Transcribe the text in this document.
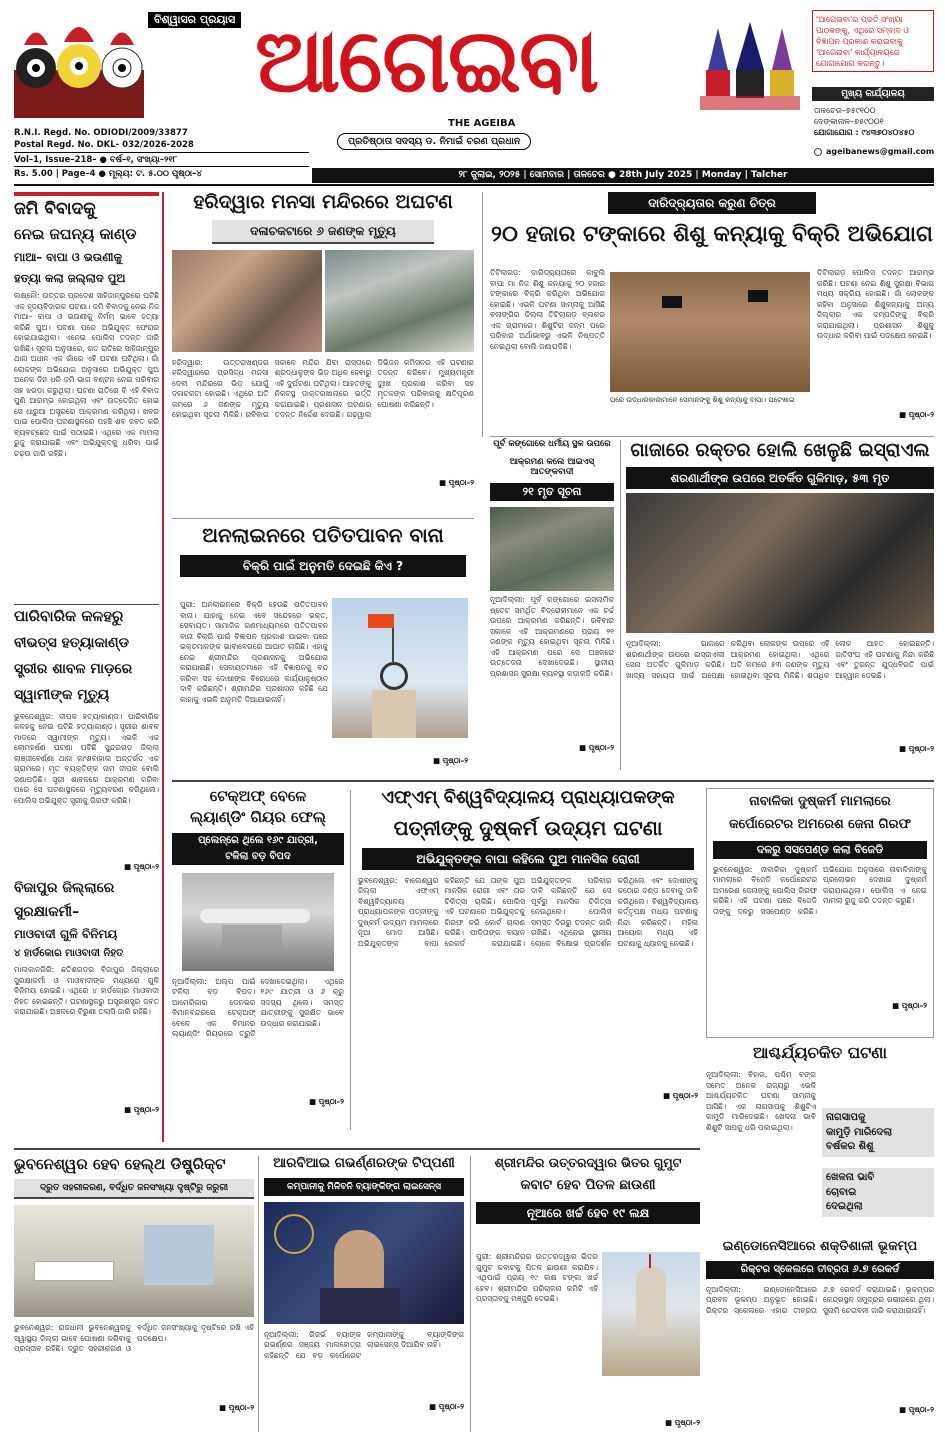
ବିଶ୍ୱାସର ପ୍ରୟାସ ଆଗେଇବା
THE AGEIBA
ପ୍ରତିଷ୍ଠାତା ସଦସ୍ୟ ଡ. ନିମାଇଁ ଚରଣ ପ୍ରଧାନ
R.N.I. Regd. No. ODIODI/2009/33877
Postal Regd. No. DKL- 032/2026-2028
Vol–1, Issue–218– ● ବର୍ଷ–୧, ସଂଖ୍ୟା–୨୧୮
Rs. 5.00 | Page–4 ● ମୂଲ୍ୟ: ଟ. ୫.୦୦ ପୃଷ୍ଠା–୪
'ଆଗେଇବା'ର ପ୍ରତି ସଂଖ୍ୟା ପାଠକଙ୍କୁ, ଏଥିରେ ସମ୍ବାଦ ଓ ବିଜ୍ଞାପନ ପ୍ରକାଶ କରାଇବାକୁ 'ଆଗେଇବା' କାର୍ଯ୍ୟାଳୟରେ ଯୋଗାଯୋଗ କରନ୍ତୁ।
ମୁଖ୍ୟ କାର୍ଯ୍ୟାଳୟ
ତାଳଚେର–୭୫୯୧୦୦
ଦେଙ୍କାନାଳ–୭୫୯୦୦୧
ଯୋଗାଯୋଗ : ୯୪୩୭୦୪୦୪୫୦
ageibanews@gmail.com
୨୮ ଜୁଲାଇ, ୨୦୨୫ | ସୋମବାର | ତାଳଚେର ● 28th July 2025 | Monday | Talcher
ଜମି ବିବାଦକୁ
ନେଇ ଜଘନ୍ୟ କାଣ୍ଡ
ମାଆ– ବାପା ଓ ଭଉଣୀକୁ
ହତ୍ୟା କଲା ଜଲ୍ଲାଦ ପୁଅ
ଲକ୍ଷ୍ନୌ: ଉତ୍ତର ପ୍ରଦେଶ ସାହିଜାନ୍‌ପୁରରେ ଘଟିଛି ଏକ ହୃଦୟବିଦାରକ ଘଟଣା। ଜମି ବିବାଦକୁ ନେଇ ନିଜ ମାଆ– ବାପା ଓ ଭଉଣୀକୁ ନିର୍ମମ ଭାବେ ହତ୍ୟା କରିଛି ପୁଅ। ଘଟଣା ପରେ ଅଭିଯୁକ୍ତ ଫେରାର ହୋଇଯାଇଥିଲା। ଏନେଇ ପୋଲିସ ତଦନ୍ତ ଜାରି ରଖିଛି। ସୂଚନା ଅନୁସାରେ, ଗତ ରାତିରେ ସାହିଜାନ୍‌ପୁର ଥାନା ଅଧୀନ ଏକ ଗାଁରେ ଏହି ଘଟଣା ଘଟିଥିଲା। ଗାଁ ଲୋକଙ୍କ ଅଭିଯୋଗ ଅନୁସାରେ ଅଭିଯୁକ୍ତ ପୁଅ ଅନେକ ଦିନ ଧରି ଜମି ଭାଗ ବଣ୍ଟନ ନେଇ ପରିବାର ସହ ଝଗଡା କରୁଥିଲା। ଘଟଣା ରାତିରେ ବି ଏହି ବିବାଦ ପୁଣି ଆରମ୍ଭ ହୋଇଥିଲା ଏବଂ ଉତ୍ତେଜିତ ହୋଇ ସେ ଧାରୁଆ ଅସ୍ତ୍ରରେ ଆକ୍ରମଣ କରିଥିଲା। ଖବର ପାଇ ପୋଲିସ ଘଟଣାସ୍ଥଳରେ ପହଞ୍ଚି ଶବ ଜବତ କରି ବ୍ୟବଚ୍ଛେଦ ପାଇଁ ପଠାଇଛି। ଏଥିରେ ଏକ ମାମଲା ରୁଜୁ କରାଯାଇଛି ଏବଂ ଅଭିଯୁକ୍ତକୁ ଧରିବା ପାଇଁ ଚଢ଼ଉ ଜାରି ରହିଛି।
ପାରିବାରିକ କଳହରୁ
ବୀଭତ୍ସ ହତ୍ୟାକାଣ୍ଡ
ସ୍ତ୍ରୀର ଶାବଳ ମାଡ଼ରେ
ସ୍ୱାମୀଙ୍କ ମୃତ୍ୟୁ
ଭୁବନେଶ୍ୱର: ଦୀପକ ହତ୍ୟାକାଣ୍ଡ। ପାରିବାରିକ କଳହକୁ ନେଇ ଘଟିଛି ହତ୍ୟାକାଣ୍ଡ। ସ୍ତ୍ରୀର ଶାବଳ ମାଡରେ ସ୍ୱାମୀଙ୍କ ମୃତ୍ୟୁ। ଏଭଳି ଏକ ଲୋମହର୍ଷଣ ଘଟଣା ଘଟିଛି ସୁନ୍ଦରଗଡ଼ ଜିଲ୍ଲା ଲାଞ୍ଜୀବେର୍ଣ୍ଣା ଥାନା କାଂଶବାହାଲ ଅନ୍ତର୍ଗତ ଏକ ଗ୍ରାମରେ। ମୃତ ବ୍ୟକ୍ତିଙ୍କ ନାମ ଦୀପକ ବୋଲି ଜଣାପଡ଼ିଛି। ସ୍ତ୍ରୀ ଶାବଳରେ ଆକ୍ରମଣ କରିବା ପରେ ସେ ଘଟଣାସ୍ଥଳରେ ମୃତ୍ୟୁବରଣ କରିଥିଲେ। ପୋଲିସ ଅଭିଯୁକ୍ତ ସ୍ତ୍ରୀକୁ ଗିରଫ କରିଛି।
■ ପୃଷ୍ଠା–୨
ହରିଦ୍ୱାର ମନସା ମନ୍ଦିରରେ ଅଘଟଣ
ଦଳାଚକଟାରେ ୬ ଜଣଙ୍କ ମୃତ୍ୟୁ
ହରିଦ୍ୱାର: ଉତ୍ତରାଖଣ୍ଡର ହରିଦ୍ୱାରରେ ପ୍ରସିଦ୍ଧ ମନସା ଦେବୀ ମନ୍ଦିରରେ ଭିଡ଼ ଯୋଗୁଁ ଦଳାଚକଟା ହୋଇଛି। ଏଥିରେ ଅତି କମରେ ୬ ଜଣଙ୍କ ମୃତ୍ୟୁ ହୋଇଥିବା ସୂଚନା ମିଳିଛି। ରବିବାର ସକାଳେ ମନ୍ଦିର ଯିବା ରାସ୍ତାରେ ଶ୍ରଦ୍ଧାଳୁଙ୍କ ଭିଡ଼ ଅଧିକ ହେବାରୁ ଏହି ଦୁର୍ଘଟଣା ଘଟିଥିଲା। ଆହତଙ୍କୁ ନିକଟସ୍ଥ ଡାକ୍ତରଖାନାରେ ଭର୍ତ୍ତି କରାଯାଇଛି। ପ୍ରଶାସନ ଘଟଣାର ତଦନ୍ତ ନିର୍ଦ୍ଦେଶ ଦେଇଛି। ଗଢ଼ୱାଲ ଡିଭିଜନ କମିସନର ଏହି ଘଟଣାର ତଦନ୍ତ କରିବେ। ମୁଖ୍ୟମନ୍ତ୍ରୀ ଦୁଃଖ ପ୍ରକାଶ କରିବା ସହ ମୃତକଙ୍କ ପରିବାରକୁ କ୍ଷତିପୂରଣ ଘୋଷଣା କରିଛନ୍ତି।
■ ପୃଷ୍ଠା–୨
ଦାରିଦ୍ର୍ୟତାର କରୁଣ ଚିତ୍ର
୨୦ ହଜାର ଟଙ୍କାରେ ଶିଶୁ କନ୍ୟାକୁ ବିକ୍ରି ଅଭିଯୋଗ
ତିଟିଲାଗଡ଼: ଦାରିଦ୍ର୍ୟତାରେ କାବୁଲି ବାପା ମା ନିଜ ଶିଶୁ କନ୍ୟାକୁ ୨୦ ହଜାର ଟଙ୍କାରେ ବିକ୍ରି କରିଥିବା ଅଭିଯୋଗ ହୋଇଛି। ଏଭଳି ଘଟଣା ସାମ୍ନାକୁ ଆସିଛି ବଲାଙ୍ଗିର ଜିଲ୍ଲା ତିଟିଲାଗଡ଼ ବ୍ଲକର ଏକ ଗ୍ରାମରେ। ଶିଶୁଟିର ଜନ୍ମ ପରେ ପରିବାର ଅର୍ଥାଭାବରୁ ଏଭଳି ନିଷ୍ପତ୍ତି ନେଇଥିଲା ବୋଲି ଜଣାପଡ଼ିଛି।
ପରେ ଉଦ୍ଧାରକାରୀମାନେ ସେମାନଙ୍କୁ ଶିଶୁ କନ୍ୟାକୁ ବାପା। ପଟେଖାଇ
ତିଟିଲାଗଡ଼ ପୋଲିସ ତଦନ୍ତ ଆରମ୍ଭ କରିଛି। ଘଟଣା ନେଇ ଶିଶୁ ସୁରକ୍ଷା ବିଭାଗ ମଧ୍ୟ ସକ୍ରିୟ ହୋଇଛି। ଗାଁ ଲୋକଙ୍କ କହିବା ଅନୁସାରେ ଶିଶୁକନ୍ୟାକୁ ଅନ୍ୟ ଜିଲ୍ଲାର ଏକ ଦମ୍ପତିଙ୍କୁ ବିକ୍ରି କରାଯାଇଥିଲା। ପ୍ରଶାସନ ଶିଶୁକୁ ଉଦ୍ଧାର କରିବା ପାଇଁ ପଦକ୍ଷେପ ନେଇଛି।
■ ପୃଷ୍ଠା–୨
ଅନଲାଇନରେ ପତିତପାବନ ବାନା
ବିକ୍ରି ପାଇଁ ଅନୁମତି ଦେଇଛି କିଏ ?
ପୁରୀ: ଅନଲାଇନରେ ବିକ୍ରି ହେଉଛି ପତିତପାବନ ବାନା। ଯାହାକୁ ନେଇ ଏବେ ସନ୍ଦେହରେ ଭକ୍ତ, ସେବାୟତ। ସାମାଜିକ ଗଣମାଧ୍ୟମରେ ପତିତପାବନ ବାନା ବିକ୍ରି ପାଇଁ ବିଜ୍ଞାପନ ପ୍ରକାଶ ପାଇବା ପରେ ଭକ୍ତମାନଙ୍କ ଭାବାବେଗରେ ଆଘାତ ଲାଗିଛି। ଏହାକୁ ନେଇ ଶ୍ରୀମନ୍ଦିର ପ୍ରଶାସନକୁ ଅଭିଯୋଗ କରାଯାଇଛି। ସେବାୟତମାନେ ଏହି ବିଜ୍ଞାପନକୁ ବନ୍ଦ କରିବା ସହ ଦୋଷୀଙ୍କ ବିରୋଧରେ କାର୍ଯ୍ୟାନୁଷ୍ଠାନ ଦାବି କରିଛନ୍ତି। ଶ୍ରୀମନ୍ଦିର ପ୍ରଶାସନ କହିଛି ଯେ କାହାକୁ ଏଭଳି ଅନୁମତି ଦିଆଯାଇନାହିଁ।
■ ପୃଷ୍ଠା–୨
ପୂର୍ବ କଙ୍ଗୋରେ ଧର୍ମୀୟ ସ୍ଥଳ ଉପରେ
ଆକ୍ରମଣ କଲେ ଆଇଏସ୍ ଆତଙ୍କବାଦୀ
୨୧ ମୃତ ସୂଚନା
ନୂଆଦିଲ୍ଲୀ: ପୂର୍ବ କଙ୍ଗୋରେ ଇସଲାମିକ ଷ୍ଟେଟ ସମର୍ଥିତ ବିଦ୍ରୋହୀମାନେ ଏକ ଚର୍ଚ୍ଚ ଉପରେ ଆକ୍ରମଣ କରିଛନ୍ତି। ରବିବାର ସକାଳେ ଏହି ଆକ୍ରମଣରେ ପ୍ରାୟ ୨୧ ଜଣଙ୍କ ମୃତ୍ୟୁ ହୋଇଥିବା ସୂଚନା ମିଳିଛି। ଏହି ଆକ୍ରମଣ ପରେ ସେ ଅଞ୍ଚଳରେ ଉତ୍ତେଜନା ଦେଖାଦେଇଛି। ସ୍ଥାନୀୟ ପ୍ରଶାସନ ସୁରକ୍ଷା ବ୍ୟବସ୍ଥା କଡ଼ାକଡ଼ି କରିଛି।
■ ପୃଷ୍ଠା–୨
ଗାଜାରେ ରକ୍ତର ହୋଲି ଖେଳୁଛି ଇସ୍ରାଏଲ
ଶରଣାର୍ଥୀଙ୍କ ଉପରେ ଅତର୍କିତ ଗୁଳିମାଡ଼, ୫୩ ମୃତ
ନୂଆଦିଲ୍ଲୀ: ଗାଜାରେ ଶରଣାର୍ଥୀଙ୍କ ଉପରେ ଇସ୍ରାଏଲୀ ସେନା ଅତର୍କିତ ଗୁଳିମାଡ଼ କରିଛି। ଖାଦ୍ୟ ସହାୟତା ପାଇଁ ଅପେକ୍ଷା କରିଥିବା ଲୋକଙ୍କ ଉପରେ ଏହି ଆକ୍ରମଣ ହୋଇଥିଲା। ଏଥିରେ ଅତି କମରେ ୫୩ ଜଣଙ୍କ ମୃତ୍ୟୁ ହୋଇଥିବା ସୂଚନା ମିଳିଛି। ଶତାଧିକ ଲୋକ ଆହତ ହୋଇଛନ୍ତି। ଜାତିସଂଘ ଏହି ଘଟଣାକୁ ନିନ୍ଦା କରିଛି ଏବଂ ତୁରନ୍ତ ଯୁଦ୍ଧବିରତି ପାଇଁ ଆହ୍ୱାନ ଦେଇଛି।
■ ପୃଷ୍ଠା–୨
ଟେକ୍‌ଅଫ୍ ବେଳେ
ଲ୍ୟାଣ୍ଡିଂ ଗିୟର ଫେଲ୍
ପ୍ଲେନ୍‌ରେ ଥିଲେ ୧୬୯ ଯାତ୍ରୀ,
ଟଳିଲା ବଡ଼ ବିପଦ
ନୂଆଦିଲ୍ଲୀ: ଅଲ୍ପ ପାଇଁ ଟଳିଲା ବଡ଼ ବିପଦ। ଆମେରିକାର ଡେନଭର ବିମାନବନ୍ଦରରେ ଟେକ୍‌ଅଫ୍ ବେଳେ ଏକ ବିମାନର ଲ୍ୟାଣ୍ଡିଂ ଗିୟରରେ ତ୍ରୁଟି ଦେଖାଦେଇଥିଲା। ଏଥିରେ ୧୬୯ ଯାତ୍ରୀ ଓ ୬ କ୍ରୁ ସଦସ୍ୟ ଥିଲେ। ସମସ୍ତ ଯାତ୍ରୀଙ୍କୁ ସୁରକ୍ଷିତ ଭାବେ ଉଦ୍ଧାର କରାଯାଇଛି।
■ ପୃଷ୍ଠା–୨
ବିଜାପୁର ଜିଲ୍ଲାରେ
ସୁରକ୍ଷାକର୍ମୀ–
ମାଓବାଦୀ ଗୁଳି ବିନିମୟ
୪ ହାର୍ଡକୋର ମାଓବାଦୀ ନିହତ
ମାଲକାନଗିରି: ଛତିଶଗଡ଼ର ବିଜାପୁର ଜିଲ୍ଲାରେ ସୁରକ୍ଷାକର୍ମୀ ଓ ମାଓବାଦୀଙ୍କ ମଧ୍ୟରେ ଗୁଳି ବିନିମୟ ହୋଇଛି। ଏଥିରେ ୪ ହାର୍ଡକୋର ମାଓବାଦୀ ନିହତ ହୋଇଛନ୍ତି। ଘଟଣାସ୍ଥଳରୁ ଅସ୍ତ୍ରଶସ୍ତ୍ର ଜବତ କରାଯାଇଛି। ଅଞ୍ଚଳରେ ଚିରୁଣୀ ତଲାସି ଜାରି ରହିଛି।
■ ପୃଷ୍ଠା–୨
ଏଫ୍‌ଏମ୍ ବିଶ୍ୱବିଦ୍ୟାଳୟ ପ୍ରାଧ୍ୟାପକଙ୍କ
ପତ୍ନୀଙ୍କୁ ଦୁଷ୍କର୍ମ ଉଦ୍ୟମ ଘଟଣା
ଅଭିଯୁକ୍ତଙ୍କ ବାପା କହିଲେ ପୁଅ ମାନସିକ ରୋଗୀ
ଭୁବନେଶ୍ୱର: ବାଲେଶ୍ୱର ଜିଲ୍ଲା ଏଫ୍‌ଏମ୍ ବିଶ୍ୱବିଦ୍ୟାଳୟ ପ୍ରାଧ୍ୟାପକଙ୍କ ପତ୍ନୀଙ୍କୁ ଦୁଷ୍କର୍ମ ଉଦ୍ୟମ ମାମଲାରେ ନୂଆ ମୋଡ଼ ଆସିଛି। ଅଭିଯୁକ୍ତଙ୍କ ବାପା କହିଛନ୍ତି ଯେ ତାଙ୍କ ପୁଅ ମାନସିକ ରୋଗୀ ଏବଂ ତାର ଚିକିତ୍ସା ଚାଲିଛି। ପୋଲିସ ଏହି ଘଟଣାରେ ଅଭିଯୁକ୍ତକୁ ଗିରଫ କରି କୋର୍ଟ ଚାଲାଣ କରିଛି। ପୀଡ଼ିତାଙ୍କ ବୟାନ ରେକର୍ଡ କରାଯାଇଛି। ଅଭିଯୁକ୍ତଙ୍କ ପରିବାର ଦାବି କରିଛନ୍ତି ଯେ ସେ ପୂର୍ବରୁ ମାନସିକ ଚିକିତ୍ସା ନେଉଥିଲେ। ପୋଲିସ ସମସ୍ତ ଦିଗରୁ ତଦନ୍ତ ଜାରି ରଖିଛି। ଏଥିନେଇ ସ୍ଥାନୀୟ ଲୋକେ ବିକ୍ଷୋଭ ପ୍ରଦର୍ଶନ କରିଥିଲେ ଏବଂ ଦୋଷୀଙ୍କୁ କଠୋର ଦଣ୍ଡ ଦେବାକୁ ଦାବି କରିଥିଲେ। ବିଶ୍ୱବିଦ୍ୟାଳୟ କର୍ତ୍ତୃପକ୍ଷ ମଧ୍ୟ ଘଟଣାକୁ ନିନ୍ଦା କରିଛନ୍ତି। ମହିଳା ଆୟୋଗ ମଧ୍ୟ ଏହି ଘଟଣାକୁ ଧ୍ୟାନକୁ ନେଇଛି।
■ ପୃଷ୍ଠା–୨
ନାବାଳିକା ଦୁଷ୍କର୍ମ ମାମଲାରେ
କର୍ପୋରେଟର ଅମରେଶ ଜେନା ଗିରଫ
ଦଳରୁ ସସପେଣ୍ଡ କଲା ବିଜେଡି
ଭୁବନେଶ୍ୱର: ନାବାଳିକା ଦୁଷ୍କର୍ମ ମାମଲାରେ ବିଜେଡି କର୍ପୋରେଟର ଅମରେଶ ଜେନାଙ୍କୁ ପୋଲିସ ଗିରଫ କରିଛି। ଏହି ଘଟଣା ପରେ ବିଜେଡି ତାଙ୍କୁ ଦଳରୁ ସସପେଣ୍ଡ କରିଛି। ଅଭିଯୋଗ ଅନୁସାରେ ନାବାଳିକାଙ୍କୁ ପ୍ରଲୋଭନ ଦେଖାଇ ଦୁଷ୍କର୍ମ କରାଯାଇଥିଲା। ପୋଲିସ ଏ ନେଇ ମାମଲା ରୁଜୁ କରି ତଦନ୍ତ କରୁଛି।
■ ପୃଷ୍ଠା–୨
ଆଶ୍ଚର୍ଯ୍ୟଚକିତ ଘଟଣା
ନୂଆଦିଲ୍ଲୀ: ବିହାର, ପଶ୍ଚିମ ବଙ୍ଗ ସମେତ ଅନେକ ରାଜ୍ୟରୁ ଏଭଳି ଆଶ୍ଚର୍ଯ୍ୟଚକିତ ଘଟଣା ସାମ୍ନାକୁ ଆସିଛି। ଏକ ନାଗସାପକୁ ଶିଶୁଟିଏ କାମୁଡ଼ି ମାରିଦେଇଛି। ଖେଳନା ଭାବି ଶିଶୁଟି ସାପକୁ ଧରି ପକାଇଥିଲା।
ନାଗସାପକୁ
କାମୁଡ଼ି ମାରିଦେଲା
ବର୍ଷକର ଶିଶୁ
ଖେଳନା ଭାବି
ଚୋବାଇ
ଦେଇଥିଲା
ଇଣ୍ଡୋନେସିଆରେ ଶକ୍ତିଶାଳୀ ଭୂକମ୍ପ
ରିକ୍ଟର ସ୍କେଲରେ ତୀବ୍ରତା ୬.୭ ରେକର୍ଡ
ନୂଆଦିଲ୍ଲୀ: ଇଣ୍ଡୋନେସିଆରେ ପ୍ରବଳ ଭୂକମ୍ପ ଅନୁଭୂତ ହୋଇଛି। ରିକ୍ଟର ସ୍କେଲରେ ଏହାର ତୀବ୍ରତା ୬.୭ ରେକର୍ଡ କରାଯାଇଛି। ଭୂକମ୍ପର କେନ୍ଦ୍ରସ୍ଥଳ ସମୁଦ୍ରର ଗଭୀରରେ ଥିଲା। ସୁନାମି ଚେତାବନୀ ଜାରି କରାଯାଇନାହିଁ।
■ ପୃଷ୍ଠା–୨
ଭୁବନେଶ୍ୱର ହେବ ହେଲ୍‌ଥ ଡିଷ୍ଟ୍ରିକ୍ଟ
ଦ୍ରୁତ ସହରୀକରଣ, ବର୍ଦ୍ଧିତ ଜନସଂଖ୍ୟା ଦୃଷ୍ଟିରୁ ଜରୁରୀ
ଭୁବନେଶ୍ୱର: ରାଜଧାନୀ ଭୁବନେଶ୍ୱରକୁ ସ୍ୱାସ୍ଥ୍ୟ ଜିଲ୍ଲା ଭାବେ ଘୋଷଣା କରିବାକୁ ପ୍ରସ୍ତାବ ରହିଛି। ଦ୍ରୁତ ସହରୀକରଣ ଓ ବର୍ଦ୍ଧିତ ଜନସଂଖ୍ୟାକୁ ଦୃଷ୍ଟିରେ ରଖି ଏହି ପଦକ୍ଷେପ।
■ ପୃଷ୍ଠା–୨
ଆରବିଆଇ ଗଭର୍ଣ୍ଣରଙ୍କ ଟିପ୍ପଣୀ
କମ୍ପାନୀକୁ ମିଳିବନି ବ୍ୟାଙ୍କିଙ୍ଗ ଲାଇସେନ୍ସ
ନୂଆଦିଲ୍ଲୀ: ରିଜର୍ଭ ବ୍ୟାଙ୍କ ଗଭର୍ଣ୍ଣର ସଞ୍ଜୟ ମାଲହୋତ୍ରା କହିଛନ୍ତି ଯେ ବଡ଼ କର୍ପୋରେଟ କମ୍ପାନୀଙ୍କୁ ବ୍ୟାଙ୍କିଙ୍ଗ ଲାଇସେନ୍ସ ଦିଆଯିବ ନାହିଁ।
■ ପୃଷ୍ଠା–୨
ଶ୍ରୀମନ୍ଦିର ଉତ୍ତରଦ୍ୱାର ଭିତର ଗୁମୁଟ
କବାଟ ହେବ ପିତଳ ଛାଉଣୀ
ନୂଆରେ ଖର୍ଚ୍ଚ ହେବ ୧୯ ଲକ୍ଷ
ପୁରୀ: ଶ୍ରୀମନ୍ଦିରର ଉତ୍ତରଦ୍ୱାର ଭିତର ଗୁମୁଟ କବାଟକୁ ପିତଳ ଛାଉଣୀ କରାଯିବ। ଏଥିପାଇଁ ପ୍ରାୟ ୧୯ ଲକ୍ଷ ଟଙ୍କା ଖର୍ଚ୍ଚ ହେବ। ଶ୍ରୀମନ୍ଦିର ପରିଚାଳନା କମିଟି ଏହି ପ୍ରସ୍ତାବକୁ ମଞ୍ଜୁରି ଦେଇଛି।
■ ପୃଷ୍ଠା–୨
